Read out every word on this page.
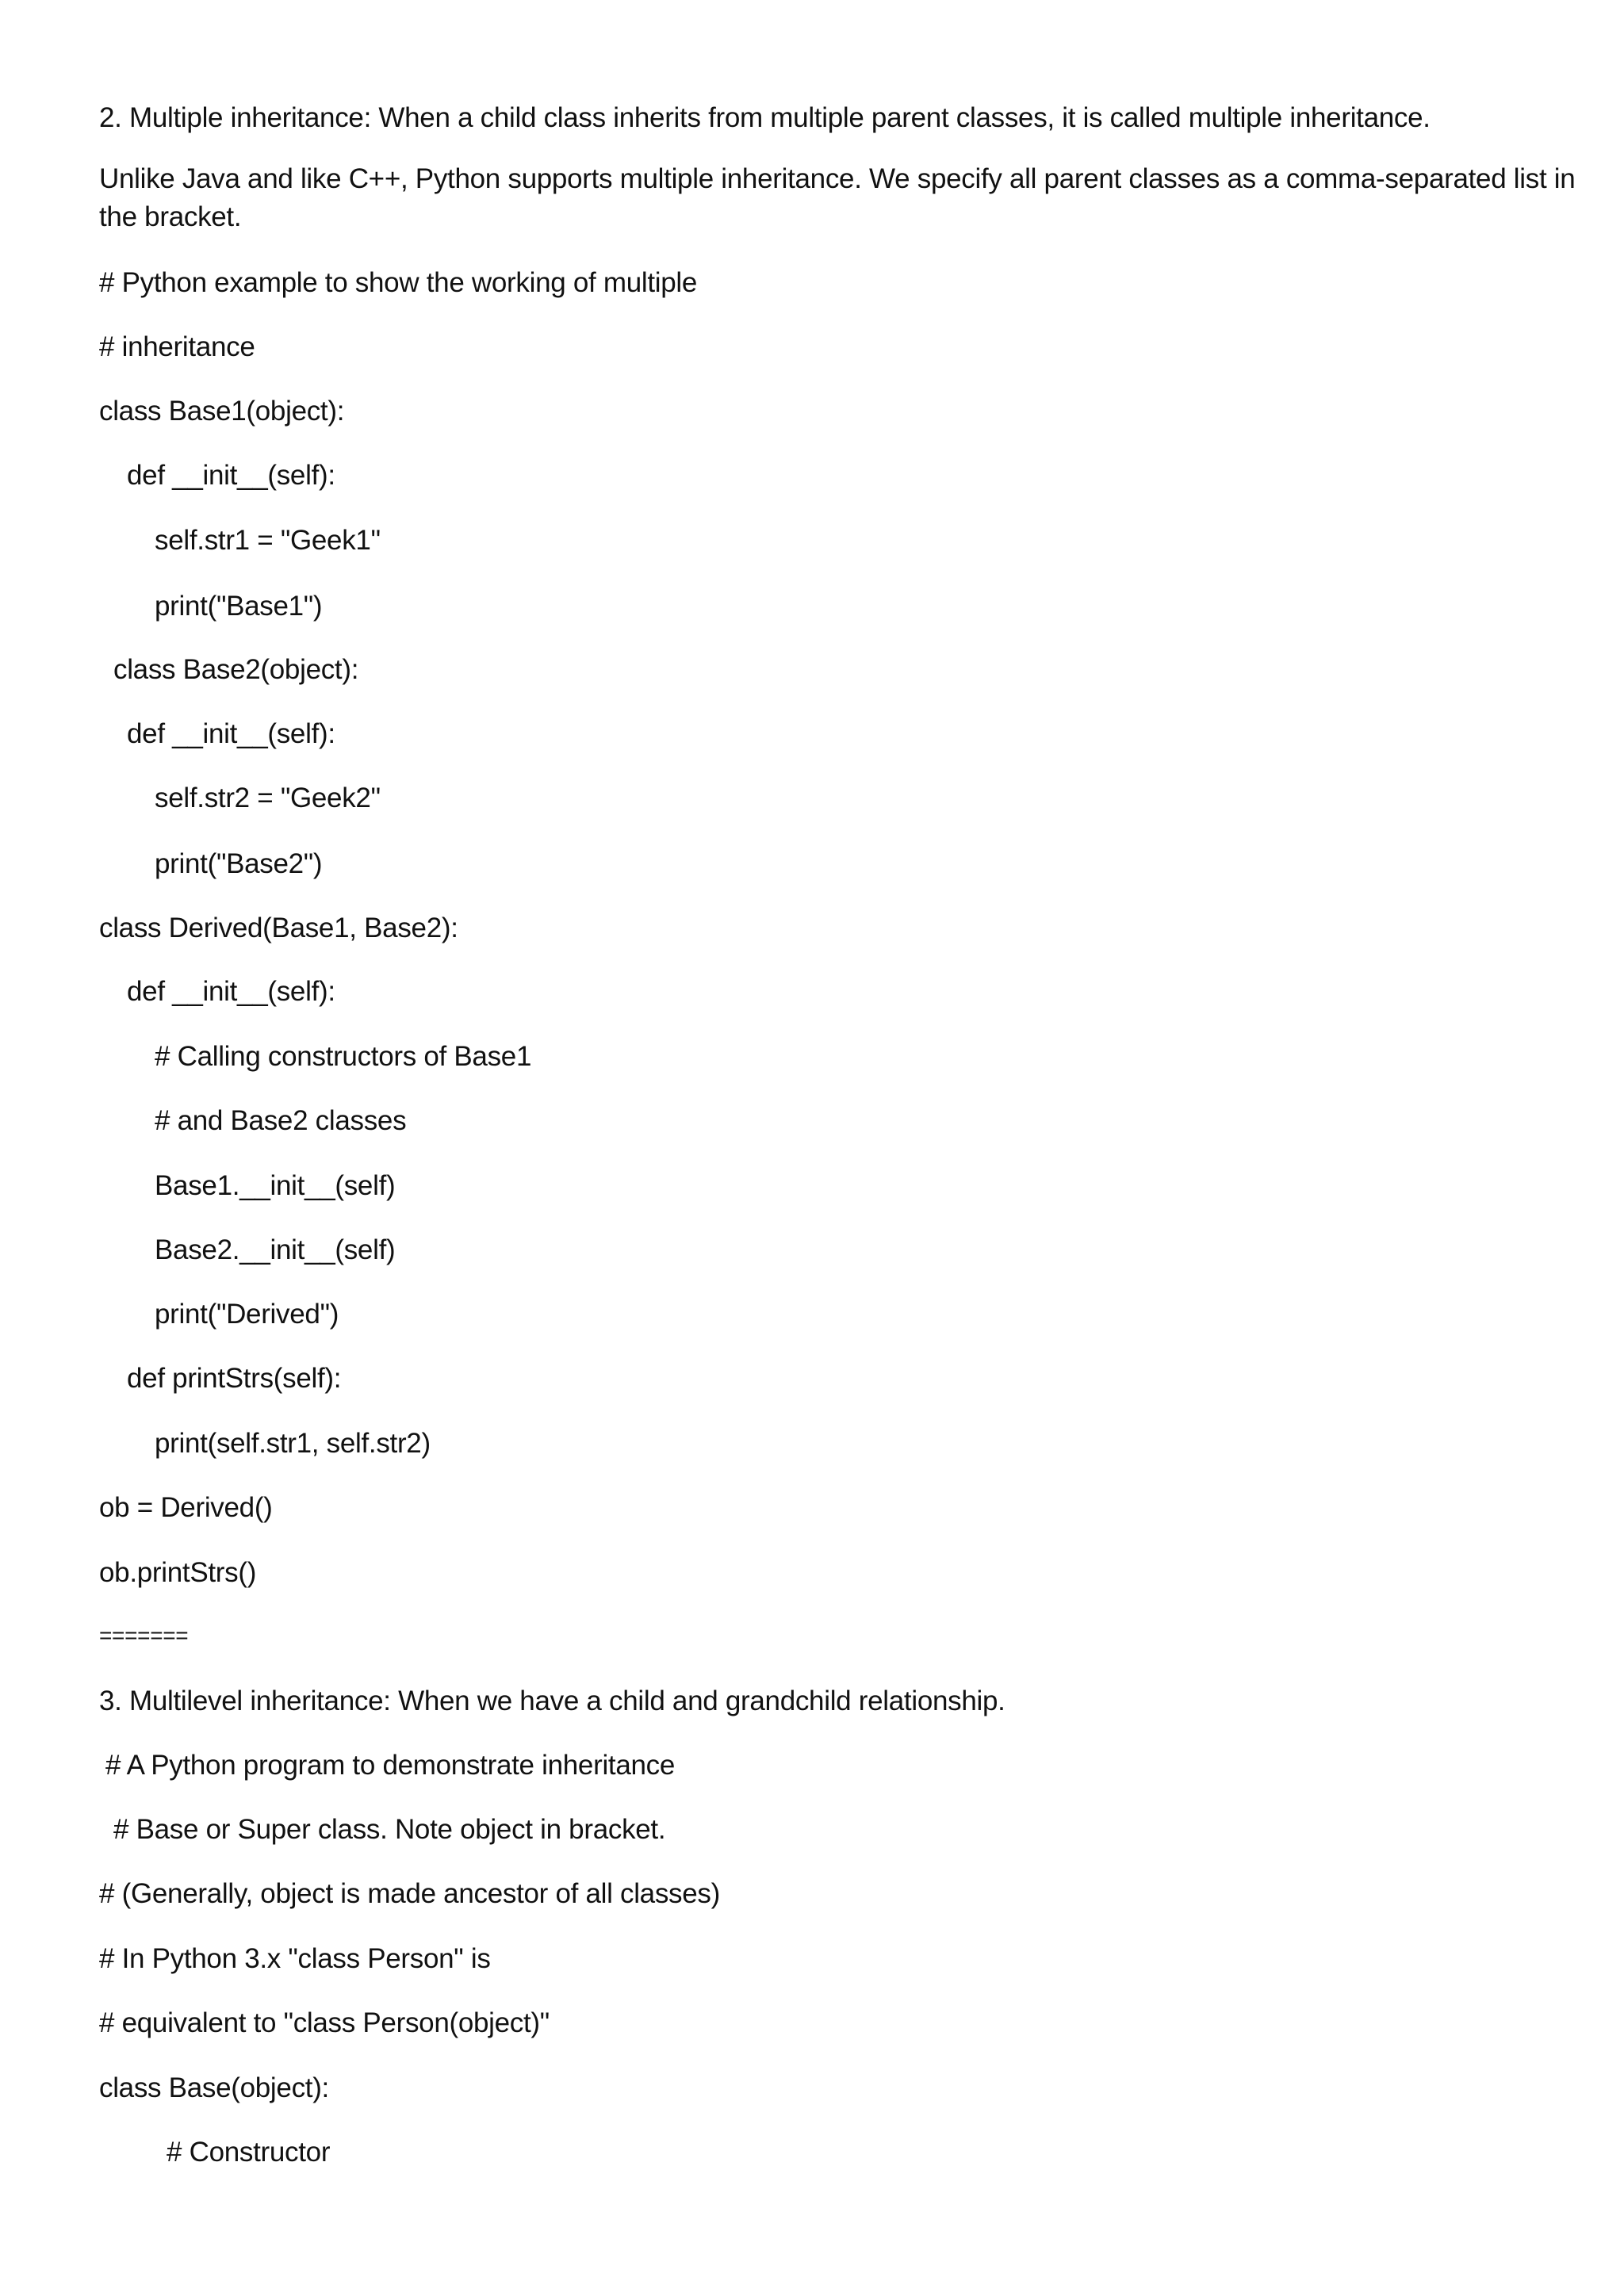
2. Multiple inheritance: When a child class inherits from multiple parent classes, it is called multiple inheritance.
Unlike Java and like C++, Python supports multiple inheritance. We specify all parent classes as a comma-separated list in the bracket.
# Python example to show the working of multiple
# inheritance
class Base1(object):
def __init__(self):
self.str1 = "Geek1"
print("Base1")
class Base2(object):
def __init__(self):
self.str2 = "Geek2"
print("Base2")
class Derived(Base1, Base2):
def __init__(self):
# Calling constructors of Base1
# and Base2 classes
Base1.__init__(self)
Base2.__init__(self)
print("Derived")
def printStrs(self):
print(self.str1, self.str2)
ob = Derived()
ob.printStrs()
=======
3. Multilevel inheritance: When we have a child and grandchild relationship.
# A Python program to demonstrate inheritance
# Base or Super class. Note object in bracket.
# (Generally, object is made ancestor of all classes)
# In Python 3.x "class Person" is
# equivalent to "class Person(object)"
class Base(object):
# Constructor
